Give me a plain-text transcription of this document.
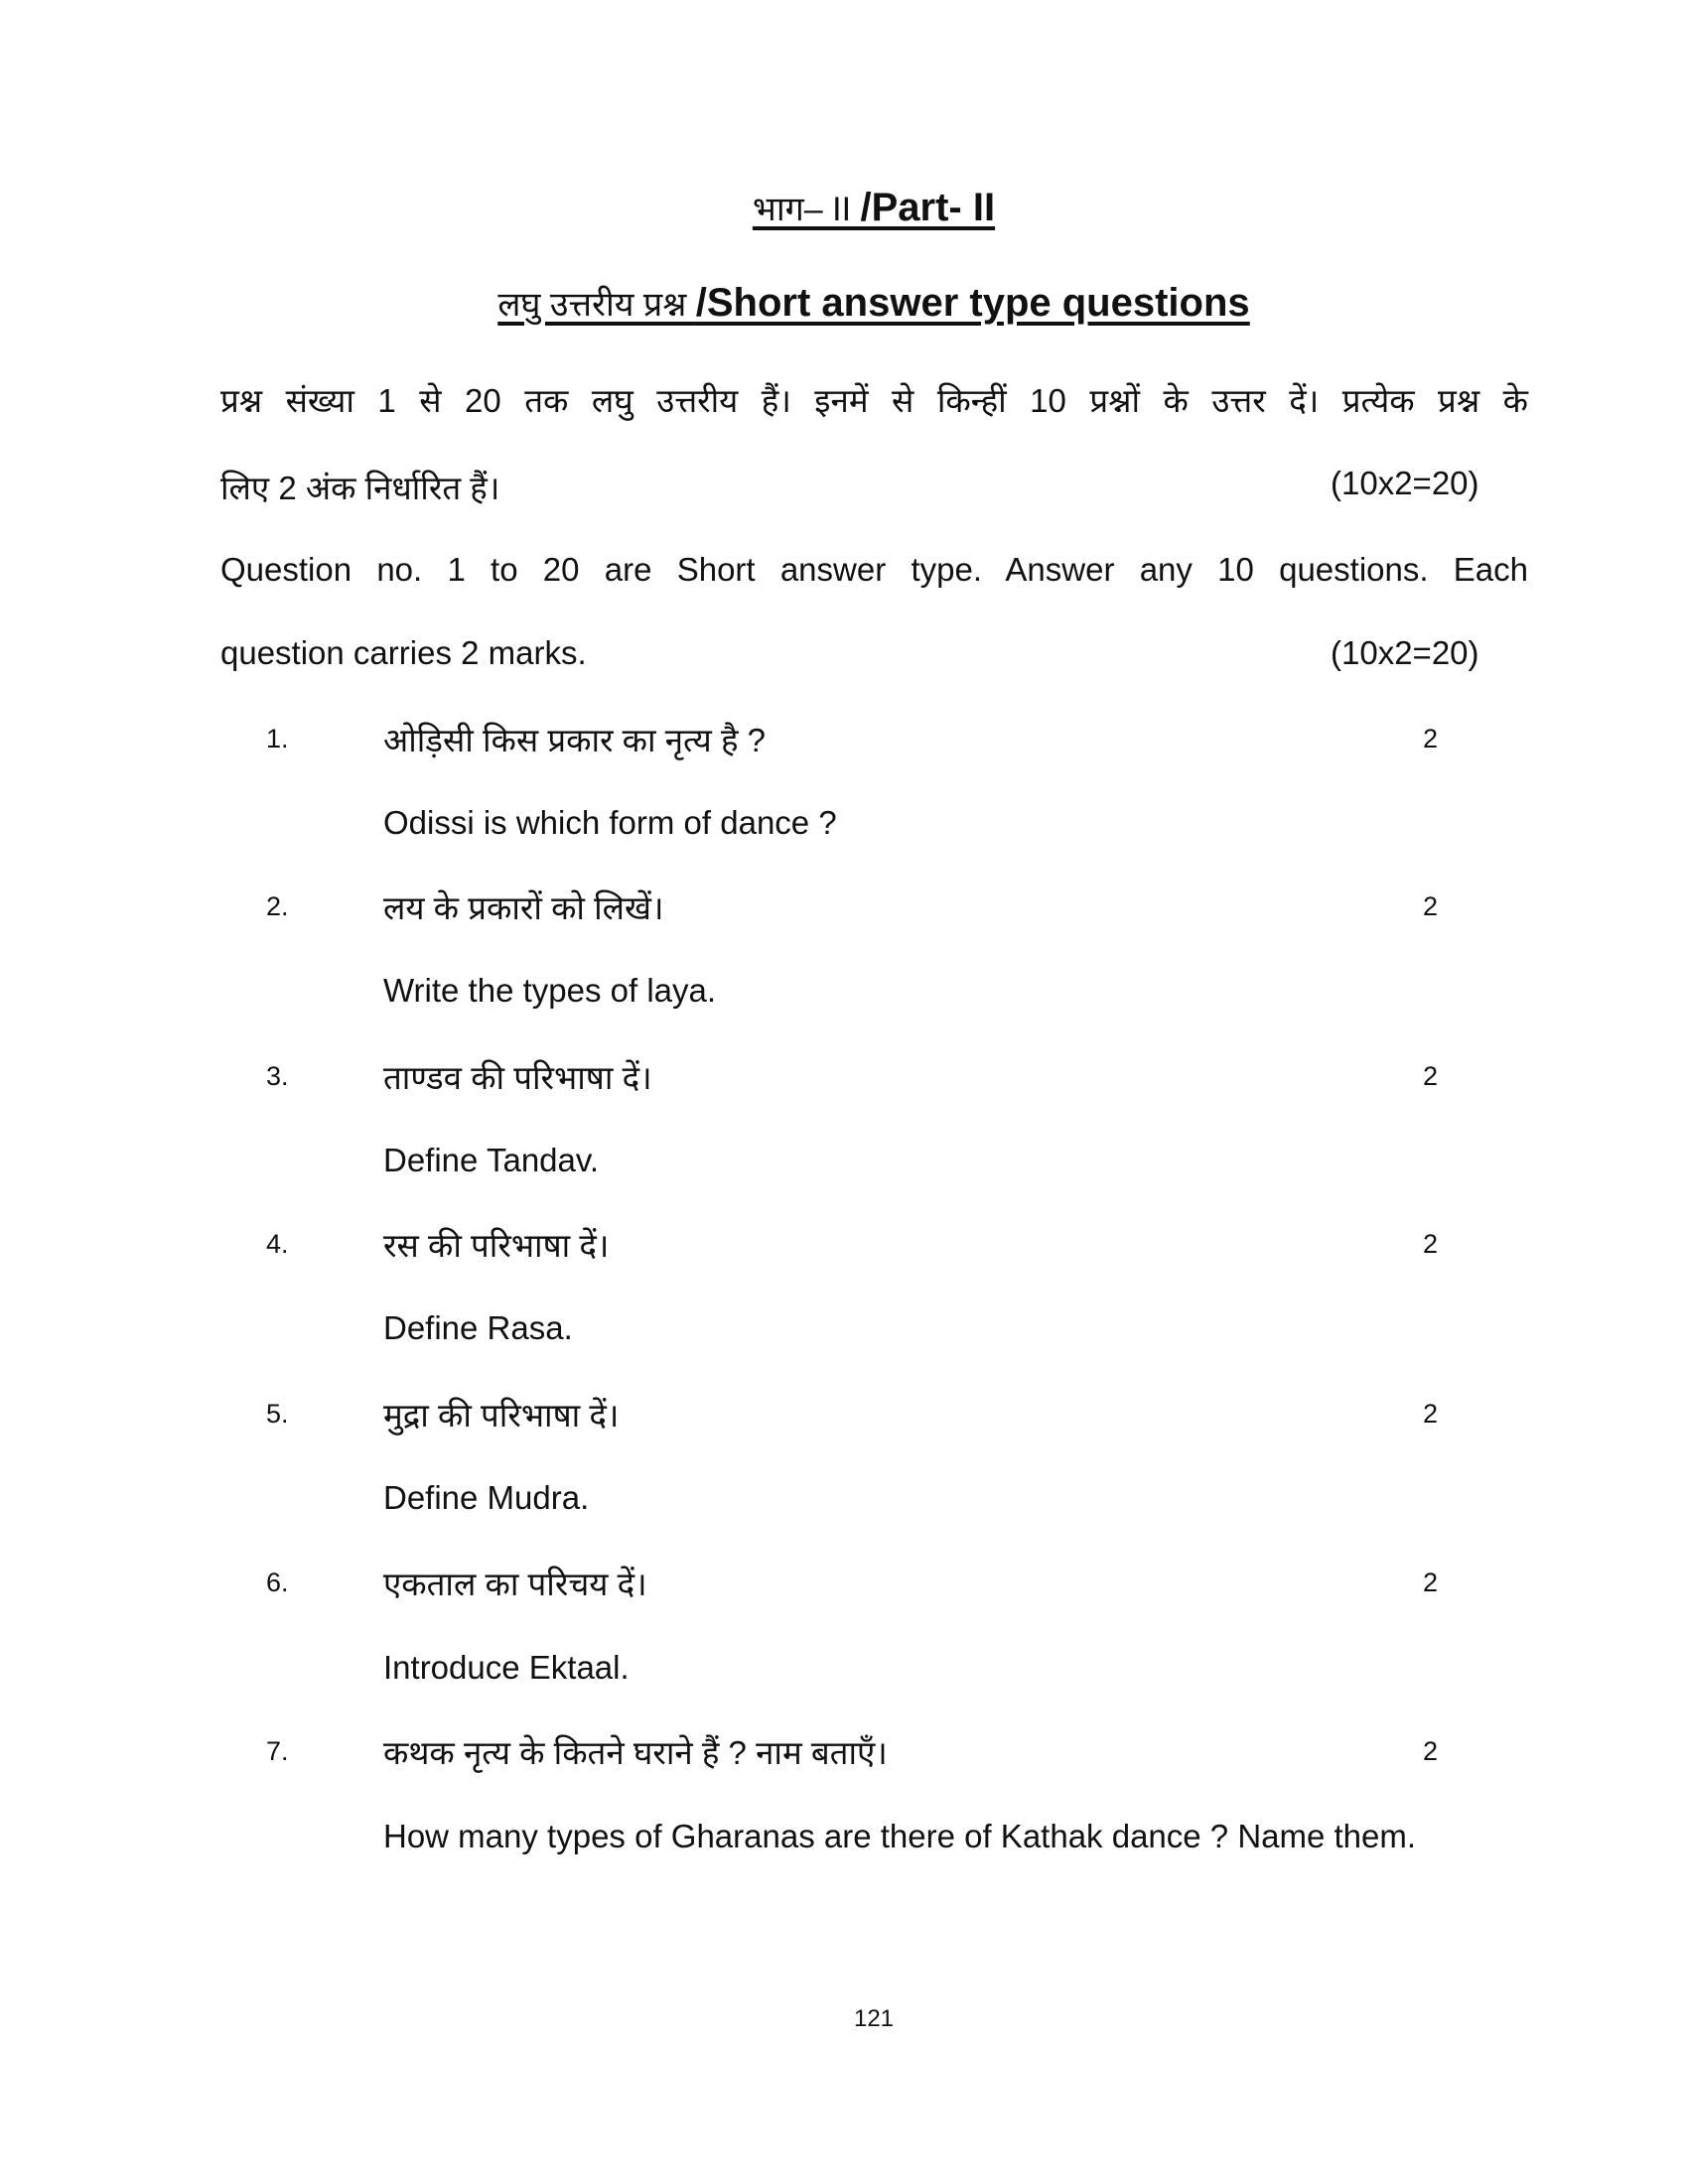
भाग– II /Part- II
लघु उत्तरीय प्रश्न /Short answer type questions
प्रश्न संख्या 1 से 20 तक लघु उत्तरीय हैं। इनमें से किन्हीं 10 प्रश्नों के उत्तर दें। प्रत्येक प्रश्न के
लिए 2 अंक निर्धारित हैं।	(10x2=20)
Question no. 1 to 20 are Short answer type. Answer any 10 questions. Each
question carries 2 marks.	(10x2=20)
1.	ओड़िसी किस प्रकार का नृत्य है ?	2
Odissi is which form of dance ?
2.	लय के प्रकारों को लिखें।	2
Write the types of laya.
3.	ताण्डव की परिभाषा दें।	2
Define Tandav.
4.	रस की परिभाषा दें।	2
Define Rasa.
5.	मुद्रा की परिभाषा दें।	2
Define Mudra.
6.	एकताल का परिचय दें।	2
Introduce Ektaal.
7.	कथक नृत्य के कितने घराने हैं ? नाम बताएँ।	2
How many types of Gharanas are there of Kathak dance ? Name them.
121
